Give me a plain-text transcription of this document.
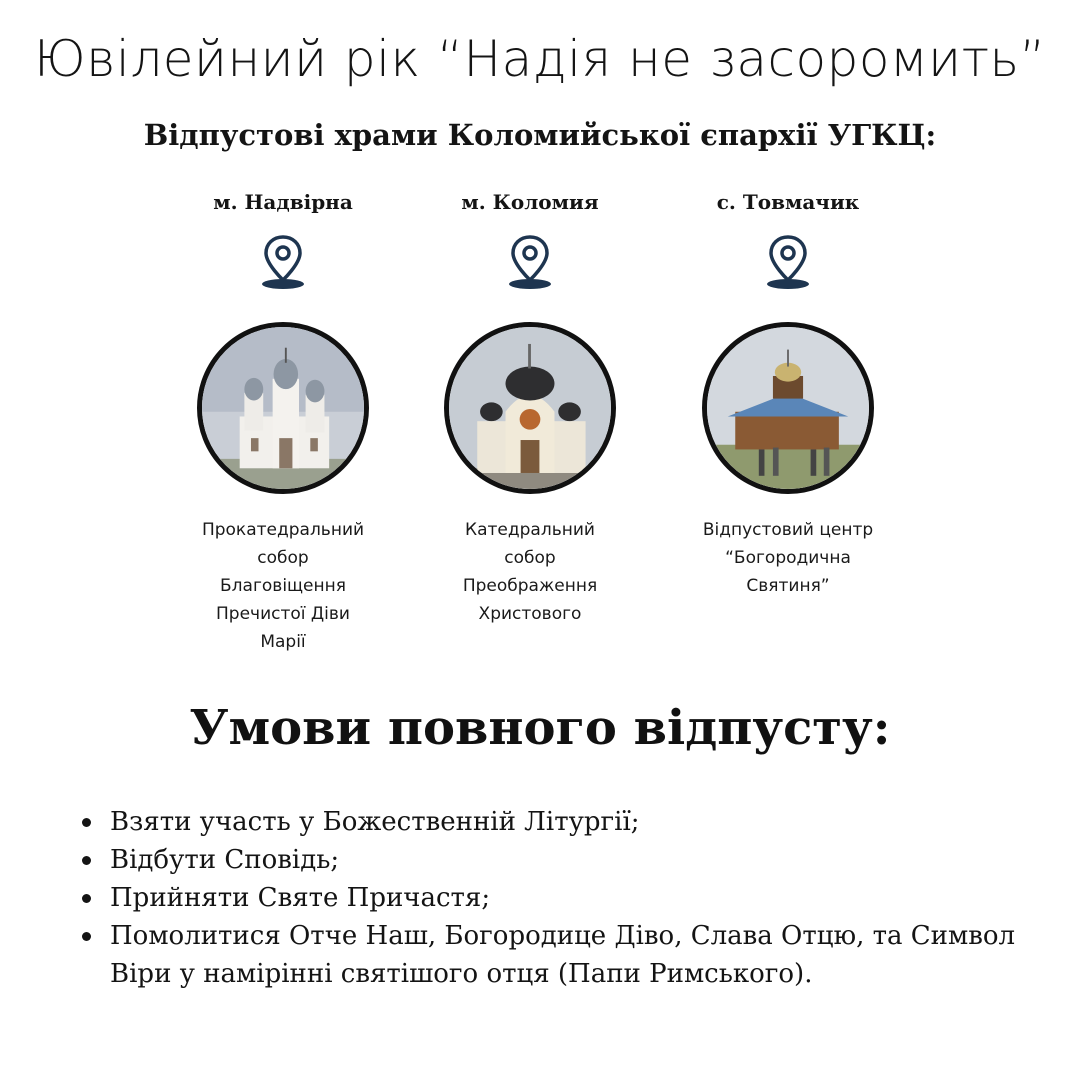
Ювілейний рік “Надія не засоромить”
Відпустові храми Коломийської єпархії УГКЦ:
м. Надвірна
Прокатедральний
собор
Благовіщення
Пречистої Діви
Марії
м. Коломия
Катедральний
собор
Преображення
Христового
с. Товмачик
Відпустовий центр
“Богородична
Святиня”
Умови повного відпусту:
Взяти участь у Божественній Літургії;
Відбути Сповідь;
Прийняти Святе Причастя;
Помолитися Отче Наш, Богородице Діво, Слава Отцю, та Символ Віри у намірінні святішого отця (Папи Римського).
